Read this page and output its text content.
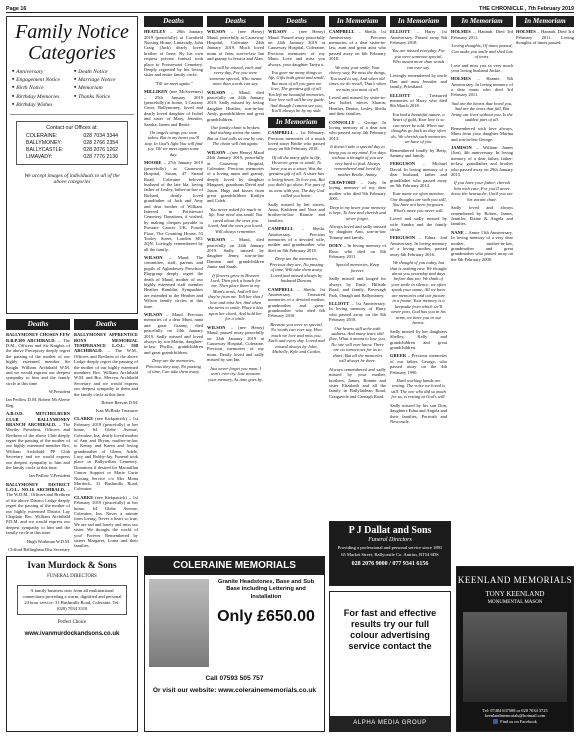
Page 16	THE CHRONICLE , 7th February 2019
Family Notice Categories
■ Anniversary
■ Engagement Notice
■ Birth Notice
■ Birthday Memories
■ Birthday Wishes
■ Death Notice
■ Marriage Notice
■ Memoriam
■ Thanks Notice
Contact our Offices at:
COLERAINE:	028 7034 3344
BALLYMONEY:	028 2766 2354
BALLYCASTLE:	028 2076 1262
LIMAVADY:	028 7776 2130
We accept images of individuals to all of the above categories
Deaths
BALLYMONEY CHOSEN FEW R.B.P.309 ARCHIBALD. – The D.M., Officers and Sir Knights of the above Preceptory deeply regret the passing of the mother of our highly esteemed member Sir Knight William Archibald W.M. and we would express our deepest sympathy to him and the family circle at this time.
W.President
Ian Pedlow D.M. Robert McAleese Reg.
A.B.O.D. MITCHELBURN CLUB BALLYMONEY BRANCH ARCHIBALD. – The Worthy President, Officers and Brethren of the above Club deeply regret the passing of the mother of our highly esteemed member Bro. William Archibald PP Club Secretary and we would express our deepest sympathy to him and the family circle at this time.
Ian Pedlow V.President
BALLYMONEY DISTRICT L.O.L. NO.16 ARCHIBALD. – The W.D.M., Officers and Brethren of the above District Lodge deeply regret the passing of the mother of our highly esteemed District Lay Chaplain Bro. William Archibald P.D.M. and we would express our deepest sympathy to him and the family circle at this time.
Hugh Workman W.D.M.
Clifford Bellingham Dist.Secretary
Deaths
BALLYMONEY APPRENTICE BOYS MEMORIAL TEMPERANCE L.O.L. 598 ARCHIBALD. – The W.M., Officers and Brethren of the above Lodge deeply regret the passing of the mother of our highly esteemed members Bro. William Archibald W.M. and Bro. Mervyn Archibald Secretary and we would express our deepest sympathy to them and the family circle at this time.
Robert Beavan D.M.
Ivan McBride Treasurer
CLARKE (nee Kirkpatrick) – 1st February 2019 (peacefully) at her home, 64 Glebe Avenue, Coleraine, Ina, dearly loved mother of Ann and Bryan, mother-in-law to Kenny and Karen and loving grandmother of Glenn, Adele, Lucy and Bobby-Jay. Funeral took place in Ballywillan Cemetery. Donations if desired for Macmillan Cancer Support or Marie Curie Nursing Service c/o Mrs Mona Murdock, 31 Bushmills Road, Coleraine.
CLARKE (nee Kirkpatrick) – 1st February 2019 (peacefully) at her home, 64 Glebe Avenue, Coleraine, Ina. Never a minute from loving, Never a heart so true, We are sad and lonely and miss our sister. We thought the world of you! Forever Remembered by sisters Margaret, Lorna and their families.
Deaths
HEATLEY – 29th January 2019 (peacefully) at Cornfield Nursing Home, Limavady, John Craig (Jack) dearly loved brother of Irene. By his own request private funeral took place to Portstewart Cemetery. Deeply regretted by his loving sister and entire family circle.
"Till we meet again."
MILLIKEN (nee McSweeney) – 25th January 2019 (peacefully) at home, 3 Carrany Court, Ballymoney, loved and dearly loved daughter of Isobel and sister of Mary, Jennifer, Sandra, James and Bertie.
On angels wings you were taken. But in my heart you'll stay. In God's light You will find joy. Till we meet again some day.
MOORE – 27th January 2019 (peacefully) at Causeway Hospital, Susan, 47 Strand Road, Coleraine beloved husband of the late Ida, loving father of Lesley, father-in-law of Richard, dearly loved grandfather of Jack and Amy and dear brother of William. Interred in Portstewart Cemetery. Donations, if wished, by making cheques payable to Prostate Cancer UK, Fourth Floor, The Counting House, 53 Tooley Street, London SE1 2QN. Lovingly remembered by all the family.
WILSON – Maud. The committee, staff, parents and pupils of Aghadowey Preschool Playgroup deeply regret the death of Maud, mother of our highly esteemed staff member Heather Ramblin. Sympathies are extended to the Heather and Wilson family circles at this time.
WILSON – Maud. Precious memories of a dear Mum, nana and great Granny, died peacefully on 24th January 2019. Sadly missed and loved always by son Martin, daughter-in-law Phyllis, grandchildren and great grandchildren.
Deep are the memories, Precious they stay, No passing of time, Can take them away.
Deaths
WILSON – (nee Henry) Maud, peacefully at Causeway Hospital, Coleraine 24th January 2019. Much loved mum of Jean, son-in-law Ian and granny to Jessica and Alan.
You will be missed, each and every day, For you were someone special, Who meant more than words can say.
WILSON – Maud, died peacefully on 24th January 2019. Sadly missed by loving daughter Heather, son-in-law Andy, grandchildren and great grandchildren.
Our family chain is broken, And nothing seems the same. But as God calls us one by one, The chain will link again.
WILSON – (nee Henry) Maud 24th January 2019, peacefully at Causeway Hospital, Coleraine. Precious memories of a loving mum and granny, deeply loved by daughter Margaret, grandsons David and Jason. Hugs and kisses from great grandchildren Kaitlyn and Caleb.
You never asked for much in life, Your need was small. You cared about the ones you loved, And the ones you loved, Will always remember.
WILSON – Maud, died peacefully on 24th January 2019. Sadly missed by daughter Jenny, son-in-law Damien and grandchildren Jamie and Sarah.
If flowers grow in Heaven Lord, Then pick a bunch for me, Then place them in my Mum's arms, And tell her they're from me. Tell her that I love and miss her, And when she turns to smile, Place a kiss upon her cheek, And hold her for a while.
WILSON – (nee Henry) Maud, passed away peacefully on 24th January 2019 at Causeway Hospital, Coleraine. Precious memories of my mum. Dearly loved and sadly missed by son Ian.
Just never forget you mum, I won't ever try. Just treasure your memory, As time goes by.
Deaths
WILSON – (nee Henry) Maud. Passed away peacefully on 24th January 2019 at Causeway Hospital, Coleraine. Precious memories of my Mum. Love and miss you always, your daughter Tanya x.
You gave me many things in life, Gifts both great and small, But most of all you gave me love, The greatest gift of all. You left me beautiful memories, Your love will still be my guide, And though I cannot see you, You'll always be by my side.
In Memoriam
CAMPBELL – 1st February. Precious memories of a much loved sister Bridie who passed away on 8th February 2018.
Of all the many gifts in life, However great or small, To have you as a sister, Was the greatest gift of all. A sister has a loving heart, To love you, But you didn't go alone, For part of us went with you, The day God called you home.
Sadly missed by her sisters, Anna, Kathleen and Nora and brother-in-law Ronnie and families.
CAMPBELL – Sheila. Anniversary. Precious memories of a devoted wife, mother and grandmother who died on 8th February 2018.
Deep are the memories, Precious they are, No passing of time, Will take them away, Loved and missed always by husband Duncan.
CAMPBELL – Sheila. 1st Anniversary. Treasured memories of a devoted mother, grandmother and great-grandmother who died 6th February 2018.
Because you were so special, No words can ever say, How much we love and miss you, Each and every day. Loved and missed always by John, Michelle, Kyle and Caitlin.
In Memoriam
CAMPBELL – Sheila. 1st Anniversary. Precious memories of a dear sister-in-law, aunt and great aunt who passed away on 6th February 2018.
We miss your smile, Your cheery way, We miss the things, You used to say, And when old times we do recall, That's when we miss you most of all.
Loved and missed by sister-in-law Isobel, nieces Sharon, Heather, Denise, Lesley, Sheila and their families.
CONNOLLY – George. In loving memory of a dear son who passed away 4th February 2013.
It doesn't take a special day to bring you to my mind, For days without a thought of you are very hard to find. Always remembered and loved by mother Bridie, Ammy.
CRAWFORD – Judy. In loving memory of my dear mother who died 9th February 2001.
Deep in my heart your memory is kept, To love and cherish and never forget.
Always loved and sadly missed by daughter Ann, son-in-law Tommy and family.
DOEY – In loving memory of Rose, who died on 8th February 2011.
Special memories, Keep forever.
Sadly missed and longed for always by Ernie, Hillside Road, and family, Bovevagh Park, Omagh and Ballymoney.
ELLIOTT – 1st Anniversary. In loving memory of Harry who passed away on the 8th February 2018.
Our hearts still ache with sadness, And many tears still flow, What it meant to lose you, No one will ever know. There are no tomorrows for us to share, But all the memories will always be there.
Always remembered and sadly missed by your mother, brothers, James, Ronnie and sister Elizabeth and all the family in Ballylaidean Road, Craigavole and Carnagh Road.
In Memoriam
ELLIOTT – Harry 1st Anniversary. Passed away 8th February 2018.
You are missed everyday, For you were someone special, Who meant more than words can ever say.
Lovingly remembered by uncle Dan and aunt Jennifer and family, Priestland.
ELLIOTT – Treasured memories of Harry who died 8th March 2018.
You had a beautiful nature, a heart of gold, Your love is so can never be told. When our thoughts go back as they often do, We cherish such memories we have of you.
Remembered fondly by Betty, Sammy and family.
FERGUSON – Michael David. In loving memory of a dear husband, father and grandfather who passed away on 9th February 2014.
Your name we often mention, Our thoughts are with you still, You have not been forgotten. What's more you never will.
Loved and sadly missed by wife Sandra and the family circle.
FERGUSON – Ethna. 2nd Anniversary. In loving memory of a loving mother, passed away 6th February 2016.
We thought of you today, but that is nothing new. We thought about you yesterday and days before that too. We think of your smile in silence, we often speak your name, All we have are memories and our picture in a frame. Your memory is a keepsake from which we'll never part, God has you in his arms, we have you in our hearts.
Sadly missed by her daughters Shelley, Kelly and grandchildren and great grandchildren.
GREER – Precious memories of our father, George, who passed away on the 4th February 1990.
Hard working hands are resting. The voice we loved is still. The one who did so much for us, is resting at God's will.
Sadly missed by his son Don, daughters Edna and Angela and their families, Portrush and Newcastle.
In Memoriam
HOLMES – Hannah. Died 3rd February 2011.
Loving thoughts, Of times passed, Can make you smile and shed lots of tears.
Love and miss you so very much your loving husband Jackie.
HOLMES – Hannie, 8th Anniversary. In loving memory of a dear mum who died 3rd February 2011.
Sad are the hearts that loved you, Sad are the tears that fall, But living our lives without you, Is the saddest part of all.
Remembered with love always, Mum from your daughter Marina and son-in-law George.
JAMISON – William James (Jim), 4th anniversary. In loving memory of a dear father, father-in-law, grandfather and brother who passed away on 29th January 2015.
If you have your father, cherish him with care, For you'll never know the heartache, Until you see his vacant chair.
Sadly loved and always remembered by Robert, James, Jennifer, Elaine & Angela and families.
NANE – Annie 11th Anniversary. In loving memory of a very dear mother, mother-in-law, grandmother and great grandmother who passed away on the 8th February 2008.
In Memoriam
HOLMES – Hannah. Died 3rd February 2011. Loving thoughts of times passed.
Ivan Murdock & Sons
FUNERAL DIRECTORS
A family business now from all multinational connections providing a warm, dignified and personal 24 hour service. 31 Bushmills Road, Coleraine. Tel: (028) 7034 3310
Perfect Choice
www.ivanmurdockandsons.co.uk
COLERAINE MEMORIALS
Granite Headstones, Base and Sub Base including Lettering and Installation
Only £650.00
Call 07593 505 757
Or visit our website: www.colerainememorials.co.uk
P J Dallat and Sons
Funeral Directors
Providing a professional and personal service since 1891
65 Market Street, Ballycastle Co. Antrim, BT54 6DS
028 2076 9000 / 077 9341 6156
For fast and effective results try our full colour advertising service contact the
ALPHA MEDIA GROUP
KEENLAND MEMORIALS
TONY KEENLAND
MONUMENTAL MASON
Tel: 07484 637588 or 028 7034 3725 keenlandmemorials@hotmail.com
Find us on Facebook
